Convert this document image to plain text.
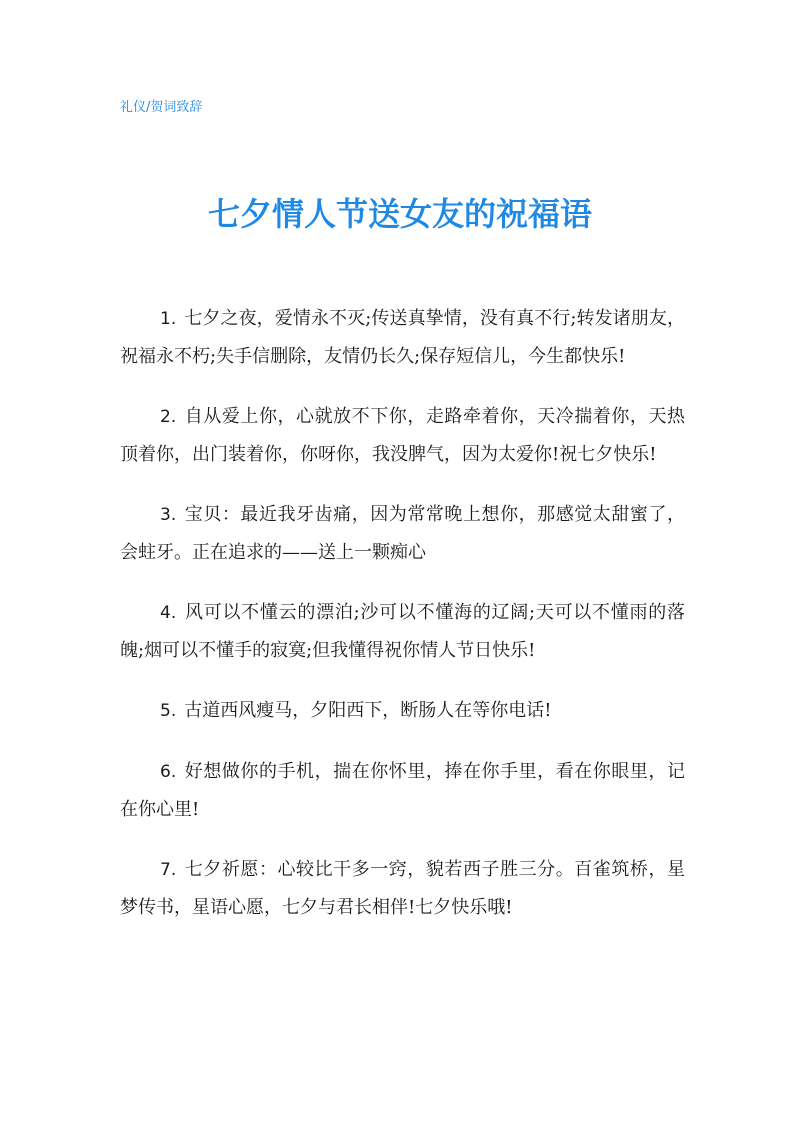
礼仪/贺词致辞
七夕情人节送女友的祝福语

1. 七夕之夜，爱情永不灭;传送真挚情，没有真不行;转发诸朋友，祝福永不朽;失手信删除，友情仍长久;保存短信儿，今生都快乐!

2. 自从爱上你，心就放不下你，走路牵着你，天冷揣着你，天热顶着你，出门装着你，你呀你，我没脾气，因为太爱你!祝七夕快乐!

3. 宝贝：最近我牙齿痛，因为常常晚上想你，那感觉太甜蜜了，会蛀牙。正在追求的——送上一颗痴心

4. 风可以不懂云的漂泊;沙可以不懂海的辽阔;天可以不懂雨的落魄;烟可以不懂手的寂寞;但我懂得祝你情人节日快乐!

5. 古道西风瘦马，夕阳西下，断肠人在等你电话!

6. 好想做你的手机，揣在你怀里，捧在你手里，看在你眼里，记在你心里!

7. 七夕祈愿：心较比干多一窍，貌若西子胜三分。百雀筑桥，星梦传书，星语心愿，七夕与君长相伴!七夕快乐哦!
